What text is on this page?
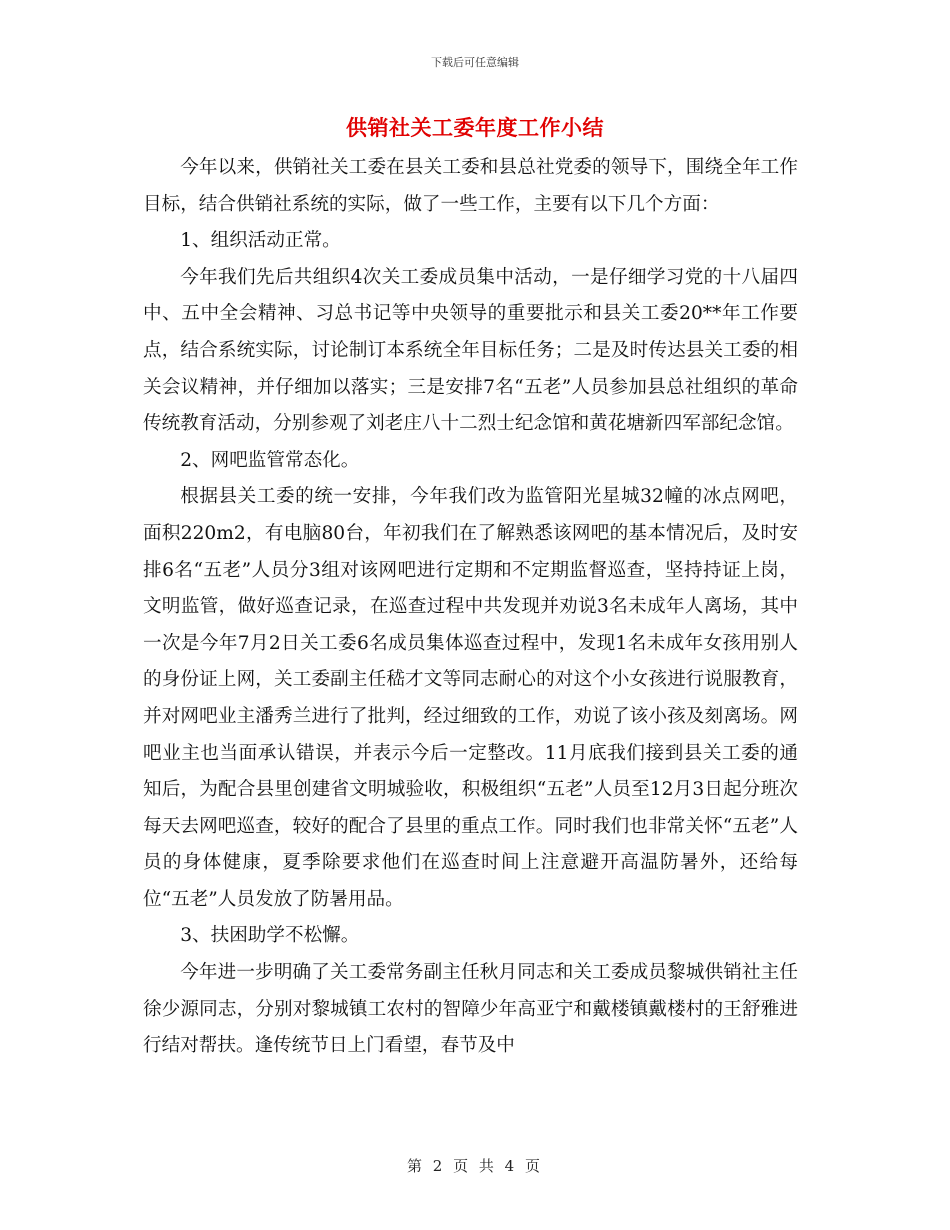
下载后可任意编辑
供销社关工委年度工作小结

今年以来，供销社关工委在县关工委和县总社党委的领导下，围绕全年工作目标，结合供销社系统的实际，做了一些工作，主要有以下几个方面：

1、组织活动正常。

今年我们先后共组织4次关工委成员集中活动，一是仔细学习党的十八届四中、五中全会精神、习总书记等中央领导的重要批示和县关工委20**年工作要点，结合系统实际，讨论制订本系统全年目标任务；二是及时传达县关工委的相关会议精神，并仔细加以落实；三是安排7名“五老”人员参加县总社组织的革命传统教育活动，分别参观了刘老庄八十二烈士纪念馆和黄花塘新四军部纪念馆。

2、网吧监管常态化。

根据县关工委的统一安排，今年我们改为监管阳光星城32幢的冰点网吧，面积220m2，有电脑80台，年初我们在了解熟悉该网吧的基本情况后，及时安排6名“五老”人员分3组对该网吧进行定期和不定期监督巡查，坚持持证上岗，文明监管，做好巡查记录，在巡查过程中共发现并劝说3名未成年人离场，其中一次是今年7月2日关工委6名成员集体巡查过程中，发现1名未成年女孩用别人的身份证上网，关工委副主任嵇才文等同志耐心的对这个小女孩进行说服教育，并对网吧业主潘秀兰进行了批判，经过细致的工作，劝说了该小孩及刻离场。网吧业主也当面承认错误，并表示今后一定整改。11月底我们接到县关工委的通知后，为配合县里创建省文明城验收，积极组织“五老”人员至12月3日起分班次每天去网吧巡查，较好的配合了县里的重点工作。同时我们也非常关怀“五老”人员的身体健康，夏季除要求他们在巡查时间上注意避开高温防暑外，还给每位“五老”人员发放了防暑用品。

3、扶困助学不松懈。

今年进一步明确了关工委常务副主任秋月同志和关工委成员黎城供销社主任徐少源同志，分别对黎城镇工农村的智障少年高亚宁和戴楼镇戴楼村的王舒雅进行结对帮扶。逢传统节日上门看望，春节及中

第 2 页 共 4 页
